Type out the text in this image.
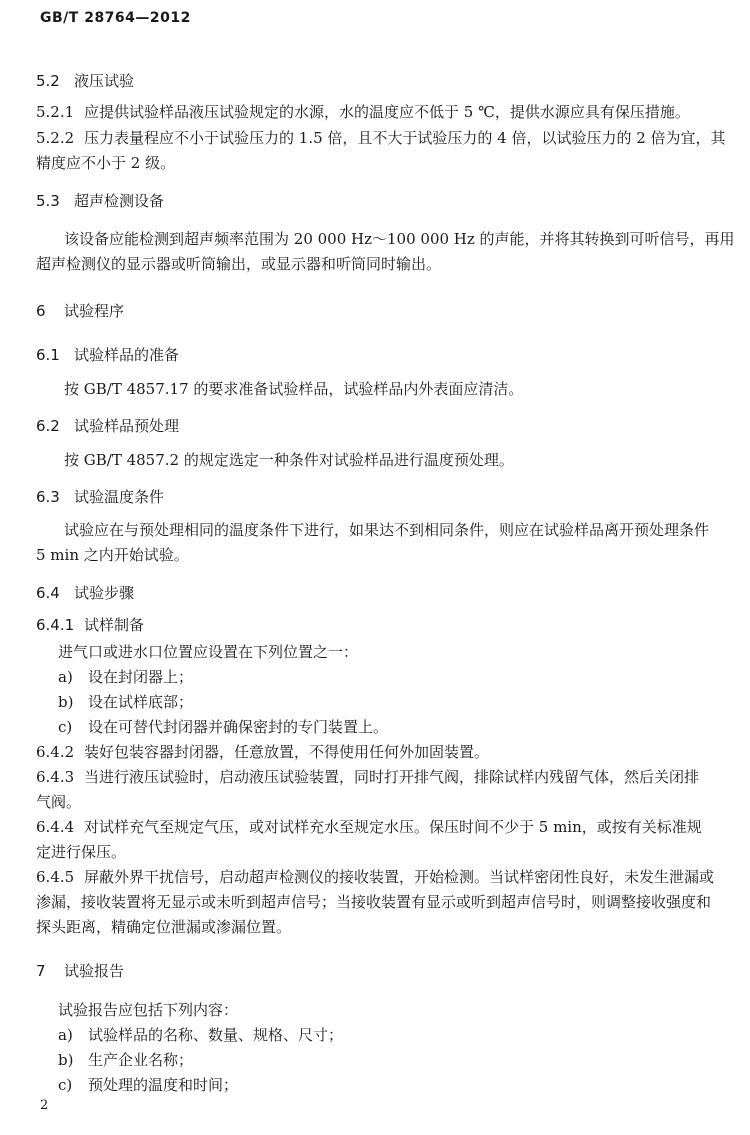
GB/T 28764—2012
5.2 液压试验
5.2.1 应提供试验样品液压试验规定的水源，水的温度应不低于 5 ℃，提供水源应具有保压措施。
5.2.2 压力表量程应不小于试验压力的 1.5 倍，且不大于试验压力的 4 倍，以试验压力的 2 倍为宜，其
精度应不小于 2 级。
5.3 超声检测设备
该设备应能检测到超声频率范围为 20 000 Hz～100 000 Hz 的声能，并将其转换到可听信号，再用
超声检测仪的显示器或听筒输出，或显示器和听筒同时输出。
6 试验程序
6.1 试验样品的准备
按 GB/T 4857.17 的要求准备试验样品，试验样品内外表面应清洁。
6.2 试验样品预处理
按 GB/T 4857.2 的规定选定一种条件对试验样品进行温度预处理。
6.3 试验温度条件
试验应在与预处理相同的温度条件下进行，如果达不到相同条件，则应在试验样品离开预处理条件
5 min 之内开始试验。
6.4 试验步骤
6.4.1 试样制备
进气口或进水口位置应设置在下列位置之一：
a) 设在封闭器上；
b) 设在试样底部；
c) 设在可替代封闭器并确保密封的专门装置上。
6.4.2 装好包装容器封闭器，任意放置，不得使用任何外加固装置。
6.4.3 当进行液压试验时，启动液压试验装置，同时打开排气阀，排除试样内残留气体，然后关闭排
气阀。
6.4.4 对试样充气至规定气压，或对试样充水至规定水压。保压时间不少于 5 min，或按有关标准规
定进行保压。
6.4.5 屏蔽外界干扰信号，启动超声检测仪的接收装置，开始检测。当试样密闭性良好，未发生泄漏或
渗漏，接收装置将无显示或未听到超声信号；当接收装置有显示或听到超声信号时，则调整接收强度和
探头距离，精确定位泄漏或渗漏位置。
7 试验报告
试验报告应包括下列内容：
a) 试验样品的名称、数量、规格、尺寸；
b) 生产企业名称；
c) 预处理的温度和时间；
2
